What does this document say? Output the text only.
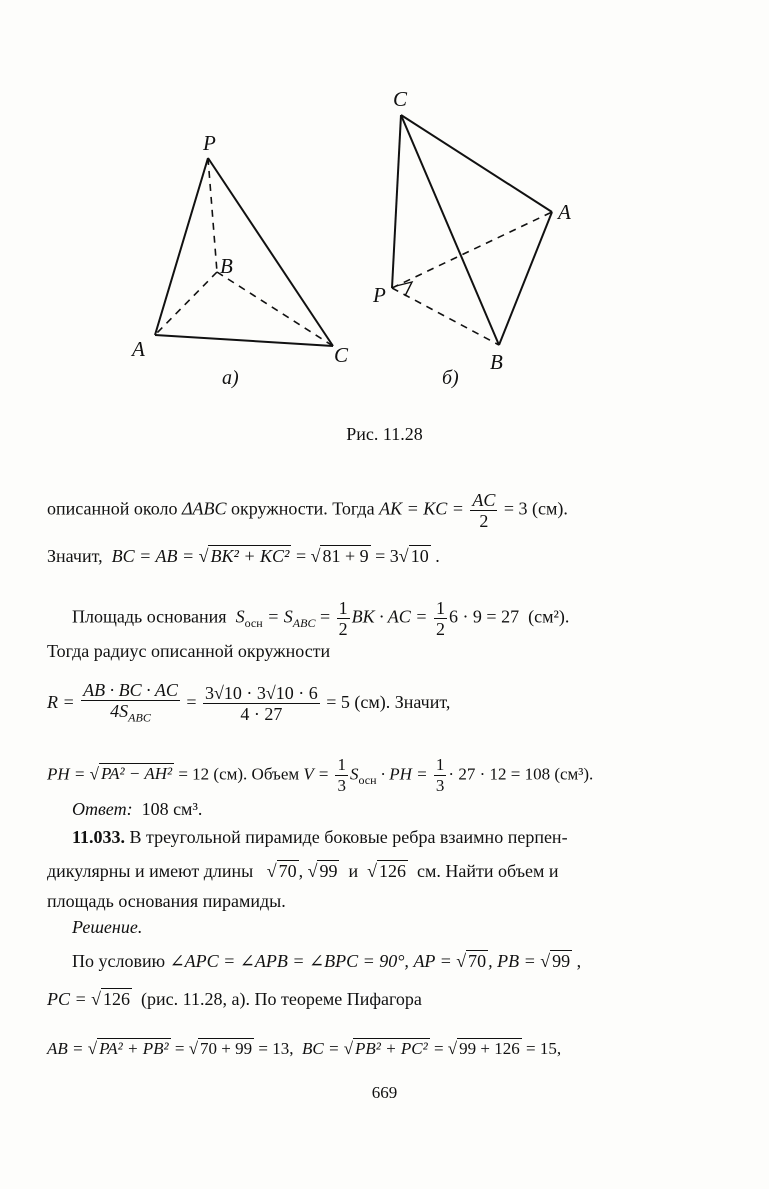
P
B
A	C
а)
C
A
P
B
б)
Рис. 11.28
описанной около ΔABC окружности. Тогда AK = KC = $\frac{AC}{2} = 3$ (см).
Значит, BC = AB = √ BK² + KC² = √ 81 + 9 = 3√ 10 .
Площадь основания $S_{осн} = S_{ABC} = \frac{1}{2}$ BK · AC = $\frac{1}{2} 6 \cdot 9 = 27$ (см²).
Тогда радиус описанной окружности
$R = \frac{AB \cdot BC \cdot AC}{4S_{ABC}} = \frac{3√10 \cdot 3√10 \cdot 6}{4 \cdot 27} = 5$ (см). Значит,
PH = √ PA² − AH² = 12 (см). Объем $V = \frac{1}{3} S_{осн}$ · PH = $\frac{1}{3} \cdot 27 \cdot 12 = 108$ (см³).
Ответ: 108 см³.
11.033. В треугольной пирамиде боковые ребра взаимно перпен-
дикулярны и имеют длины √ 70 , √ 99 и √ 126 см. Найти объем и
площадь основания пирамиды.
Решение.
По условию ∠APC = ∠APB = ∠BPC = 90°, AP = √ 70 , PB = √ 99 ,
PC = √ 126 (рис. 11.28, а). По теореме Пифагора
AB = √ PA² + PB² = √ 70 + 99 = 13, BC = √ PB² + PC² = √ 99 + 126 = 15,
669
